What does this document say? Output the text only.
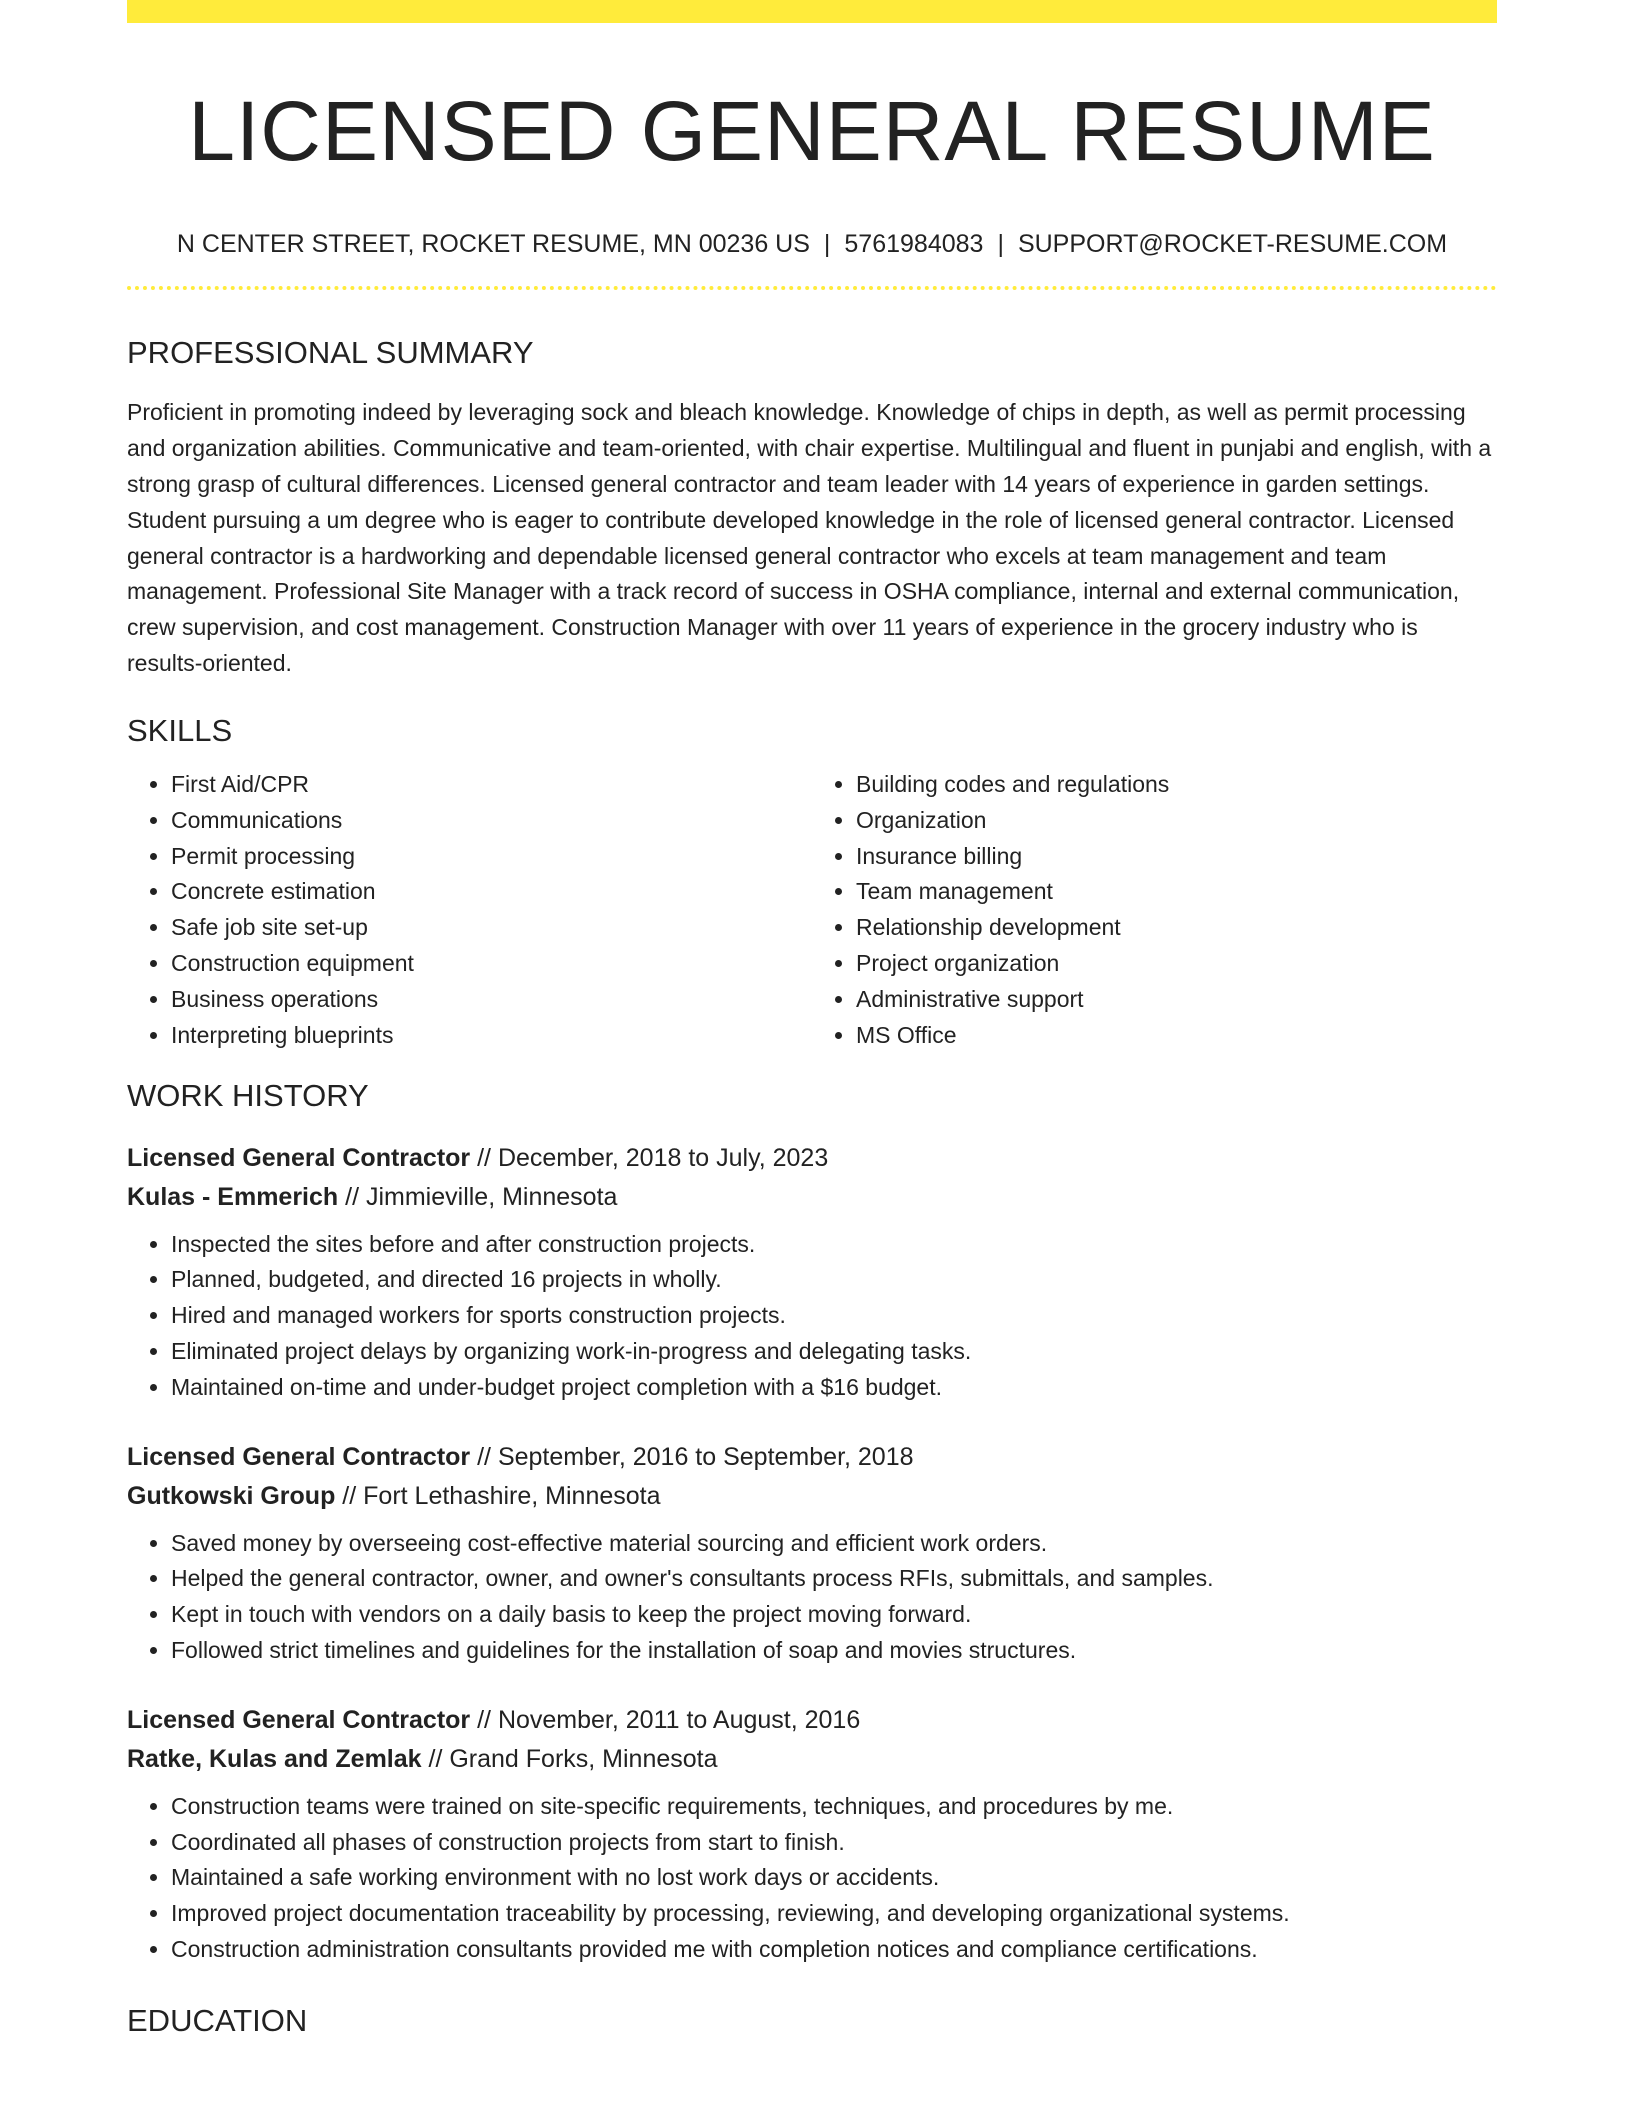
LICENSED GENERAL RESUME
N CENTER STREET, ROCKET RESUME, MN 00236 US | 5761984083 | SUPPORT@ROCKET-RESUME.COM
PROFESSIONAL SUMMARY

Proficient in promoting indeed by leveraging sock and bleach knowledge. Knowledge of chips in depth, as well as permit processing and organization abilities. Communicative and team-oriented, with chair expertise. Multilingual and fluent in punjabi and english, with a strong grasp of cultural differences. Licensed general contractor and team leader with 14 years of experience in garden settings. Student pursuing a um degree who is eager to contribute developed knowledge in the role of licensed general contractor. Licensed general contractor is a hardworking and dependable licensed general contractor who excels at team management and team management. Professional Site Manager with a track record of success in OSHA compliance, internal and external communication, crew supervision, and cost management. Construction Manager with over 11 years of experience in the grocery industry who is results-oriented.

SKILLS
• First Aid/CPR
• Communications
• Permit processing
• Concrete estimation
• Safe job site set-up
• Construction equipment
• Business operations
• Interpreting blueprints
• Building codes and regulations
• Organization
• Insurance billing
• Team management
• Relationship development
• Project organization
• Administrative support
• MS Office
WORK HISTORY
Licensed General Contractor // December, 2018 to July, 2023
Kulas - Emmerich // Jimmieville, Minnesota
• Inspected the sites before and after construction projects.
• Planned, budgeted, and directed 16 projects in wholly.
• Hired and managed workers for sports construction projects.
• Eliminated project delays by organizing work-in-progress and delegating tasks.
• Maintained on-time and under-budget project completion with a $16 budget.
Licensed General Contractor // September, 2016 to September, 2018
Gutkowski Group // Fort Lethashire, Minnesota
• Saved money by overseeing cost-effective material sourcing and efficient work orders.
• Helped the general contractor, owner, and owner's consultants process RFIs, submittals, and samples.
• Kept in touch with vendors on a daily basis to keep the project moving forward.
• Followed strict timelines and guidelines for the installation of soap and movies structures.
Licensed General Contractor // November, 2011 to August, 2016
Ratke, Kulas and Zemlak // Grand Forks, Minnesota
• Construction teams were trained on site-specific requirements, techniques, and procedures by me.
• Coordinated all phases of construction projects from start to finish.
• Maintained a safe working environment with no lost work days or accidents.
• Improved project documentation traceability by processing, reviewing, and developing organizational systems.
• Construction administration consultants provided me with completion notices and compliance certifications.
EDUCATION
